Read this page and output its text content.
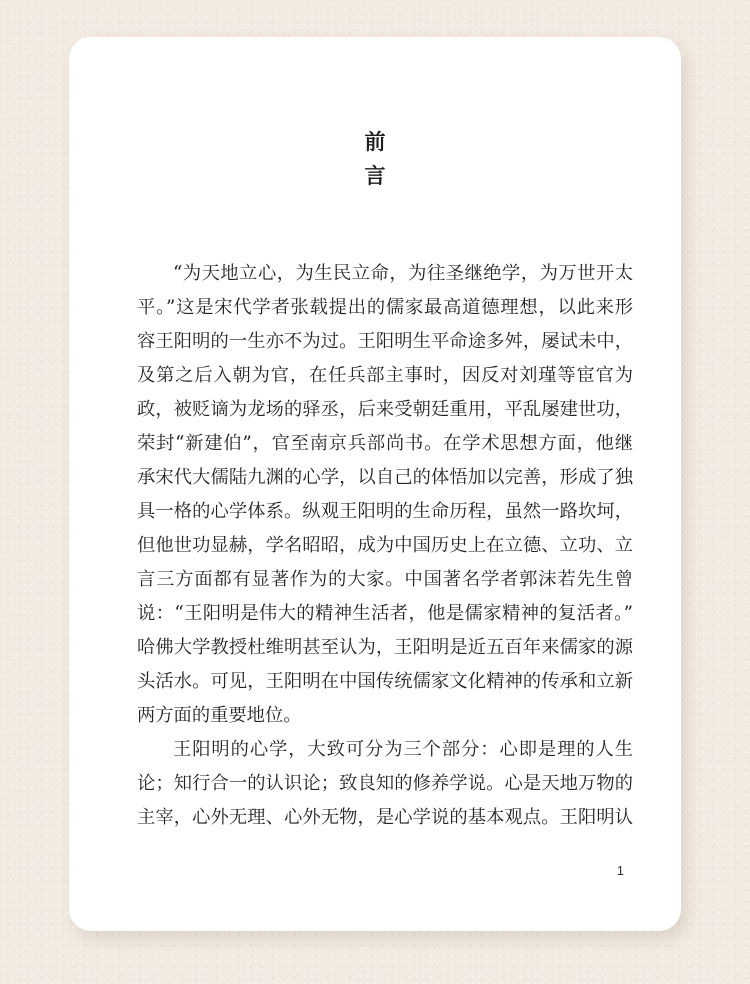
前
言
“为天地立心，为生民立命，为往圣继绝学，为万世开太
平。”这是宋代学者张载提出的儒家最高道德理想，以此来形
容王阳明的一生亦不为过。王阳明生平命途多舛，屡试未中，
及第之后入朝为官，在任兵部主事时，因反对刘瑾等宦官为
政，被贬谪为龙场的驿丞，后来受朝廷重用，平乱屡建世功，
荣封“新建伯”，官至南京兵部尚书。在学术思想方面，他继
承宋代大儒陆九渊的心学，以自己的体悟加以完善，形成了独
具一格的心学体系。纵观王阳明的生命历程，虽然一路坎坷，
但他世功显赫，学名昭昭，成为中国历史上在立德、立功、立
言三方面都有显著作为的大家。中国著名学者郭沫若先生曾
说：“王阳明是伟大的精神生活者，他是儒家精神的复活者。”
哈佛大学教授杜维明甚至认为，王阳明是近五百年来儒家的源
头活水。可见，王阳明在中国传统儒家文化精神的传承和立新
两方面的重要地位。
王阳明的心学，大致可分为三个部分：心即是理的人生
论；知行合一的认识论；致良知的修养学说。心是天地万物的
主宰，心外无理、心外无物，是心学说的基本观点。王阳明认
1
